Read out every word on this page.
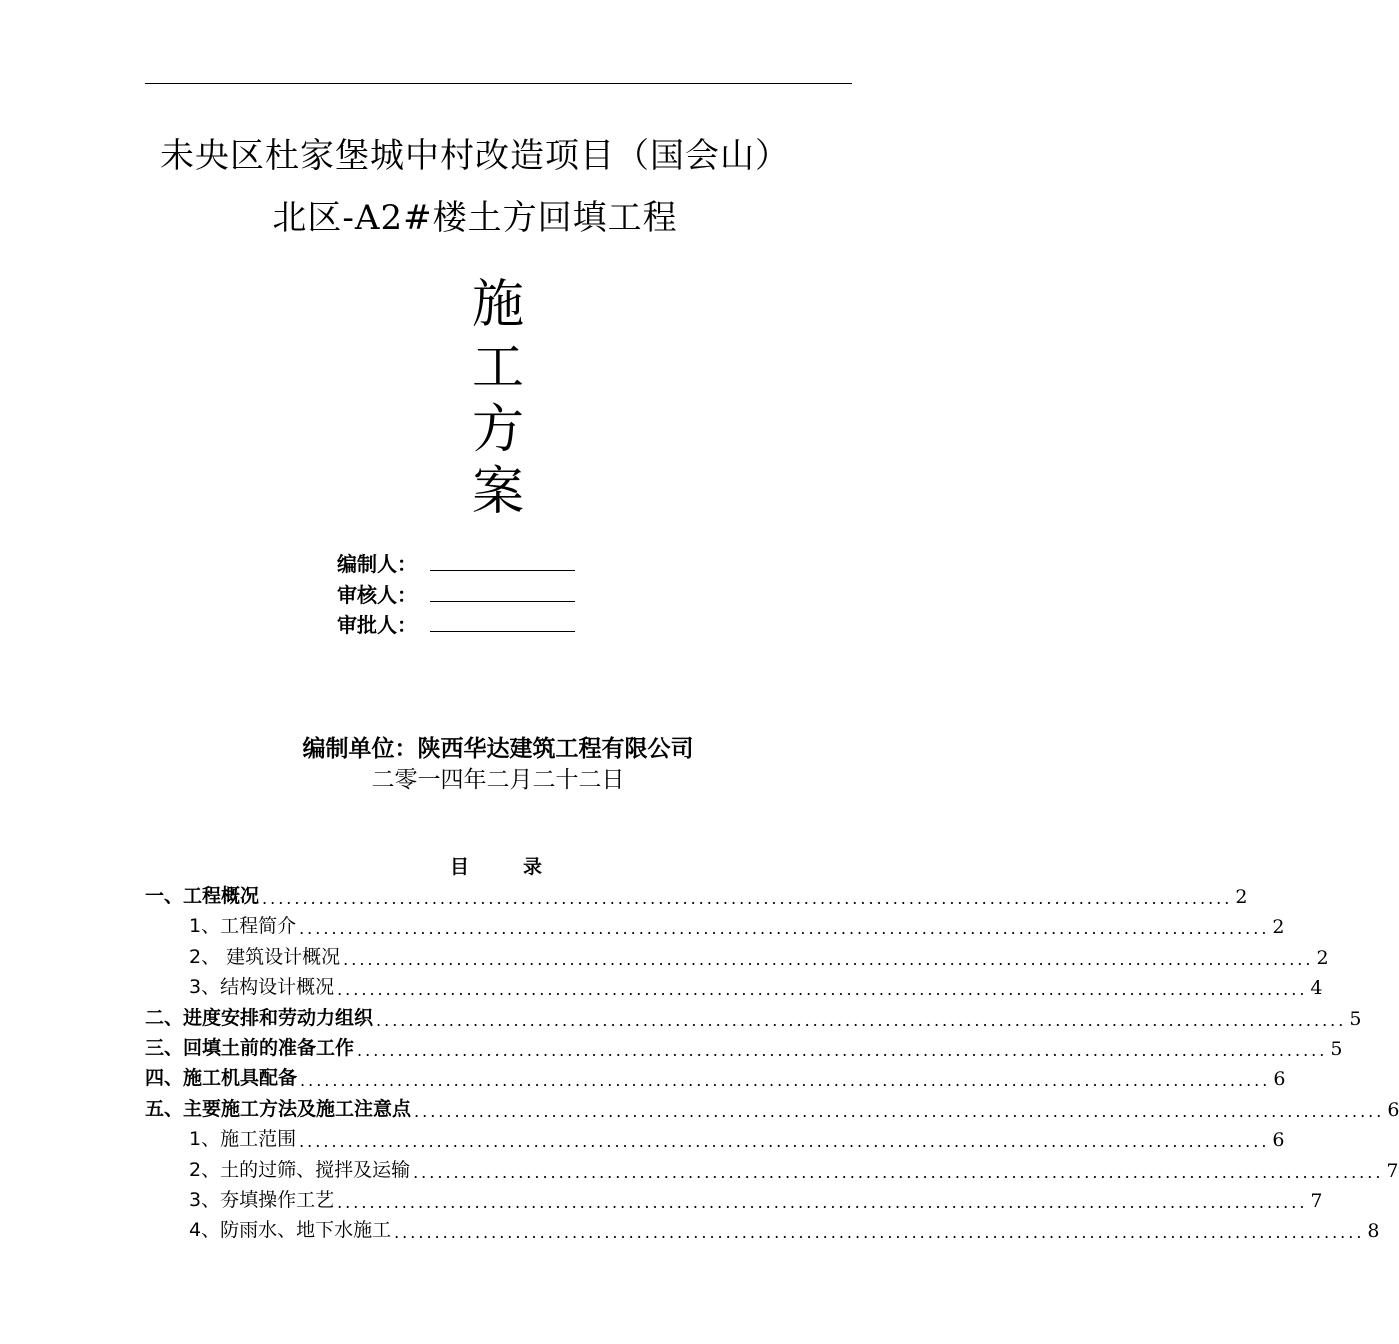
未央区杜家堡城中村改造项目（国会山）
北区-A2#楼土方回填工程
施
工
方
案
编制人：
审核人：
审批人：
编制单位：陕西华达建筑工程有限公司
二零一四年二月二十二日
目	录
一、工程概况 ........................................................................................................................ 2
1、工程简介 ........................................................................................................................ 2
2、 建筑设计概况 ........................................................................................................................ 2
3、结构设计概况 ........................................................................................................................ 4
二、进度安排和劳动力组织 ........................................................................................................................ 5
三、回填土前的准备工作 ........................................................................................................................ 5
四、施工机具配备 ........................................................................................................................ 6
五、主要施工方法及施工注意点 ........................................................................................................................ 6
1、施工范围 ........................................................................................................................ 6
2、土的过筛、搅拌及运输 ........................................................................................................................ 7
3、夯填操作工艺 ........................................................................................................................ 7
4、防雨水、地下水施工 ........................................................................................................................ 8
